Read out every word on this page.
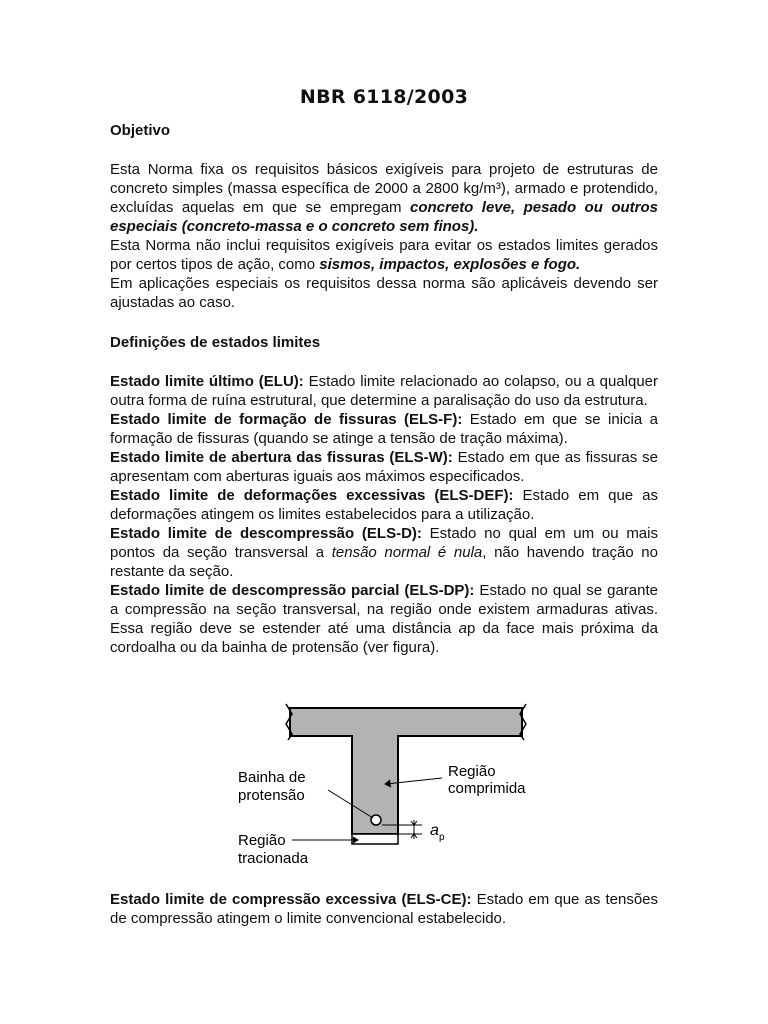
NBR 6118/2003

Objetivo

Esta Norma fixa os requisitos básicos exigíveis para projeto de estruturas de concreto simples (massa específica de 2000 a 2800 kg/m³), armado e protendido, excluídas aquelas em que se empregam concreto leve, pesado ou outros especiais (concreto-massa e o concreto sem finos).

Esta Norma não inclui requisitos exigíveis para evitar os estados limites gerados por certos tipos de ação, como sismos, impactos, explosões e fogo.

Em aplicações especiais os requisitos dessa norma são aplicáveis devendo ser ajustadas ao caso.

Definições de estados limites

Estado limite último (ELU): Estado limite relacionado ao colapso, ou a qualquer outra forma de ruína estrutural, que determine a paralisação do uso da estrutura.

Estado limite de formação de fissuras (ELS-F): Estado em que se inicia a formação de fissuras (quando se atinge a tensão de tração máxima).

Estado limite de abertura das fissuras (ELS-W): Estado em que as fissuras se apresentam com aberturas iguais aos máximos especificados.

Estado limite de deformações excessivas (ELS-DEF): Estado em que as deformações atingem os limites estabelecidos para a utilização.

Estado limite de descompressão (ELS-D): Estado no qual em um ou mais pontos da seção transversal a tensão normal é nula, não havendo tração no restante da seção.

Estado limite de descompressão parcial (ELS-DP): Estado no qual se garante a compressão na seção transversal, na região onde existem armaduras ativas. Essa região deve se estender até uma distância ap da face mais próxima da cordoalha ou da bainha de protensão (ver figura).

Bainha de
protensão
Região
comprimida
Região
tracionada
a p

Estado limite de compressão excessiva (ELS-CE): Estado em que as tensões de compressão atingem o limite convencional estabelecido.
